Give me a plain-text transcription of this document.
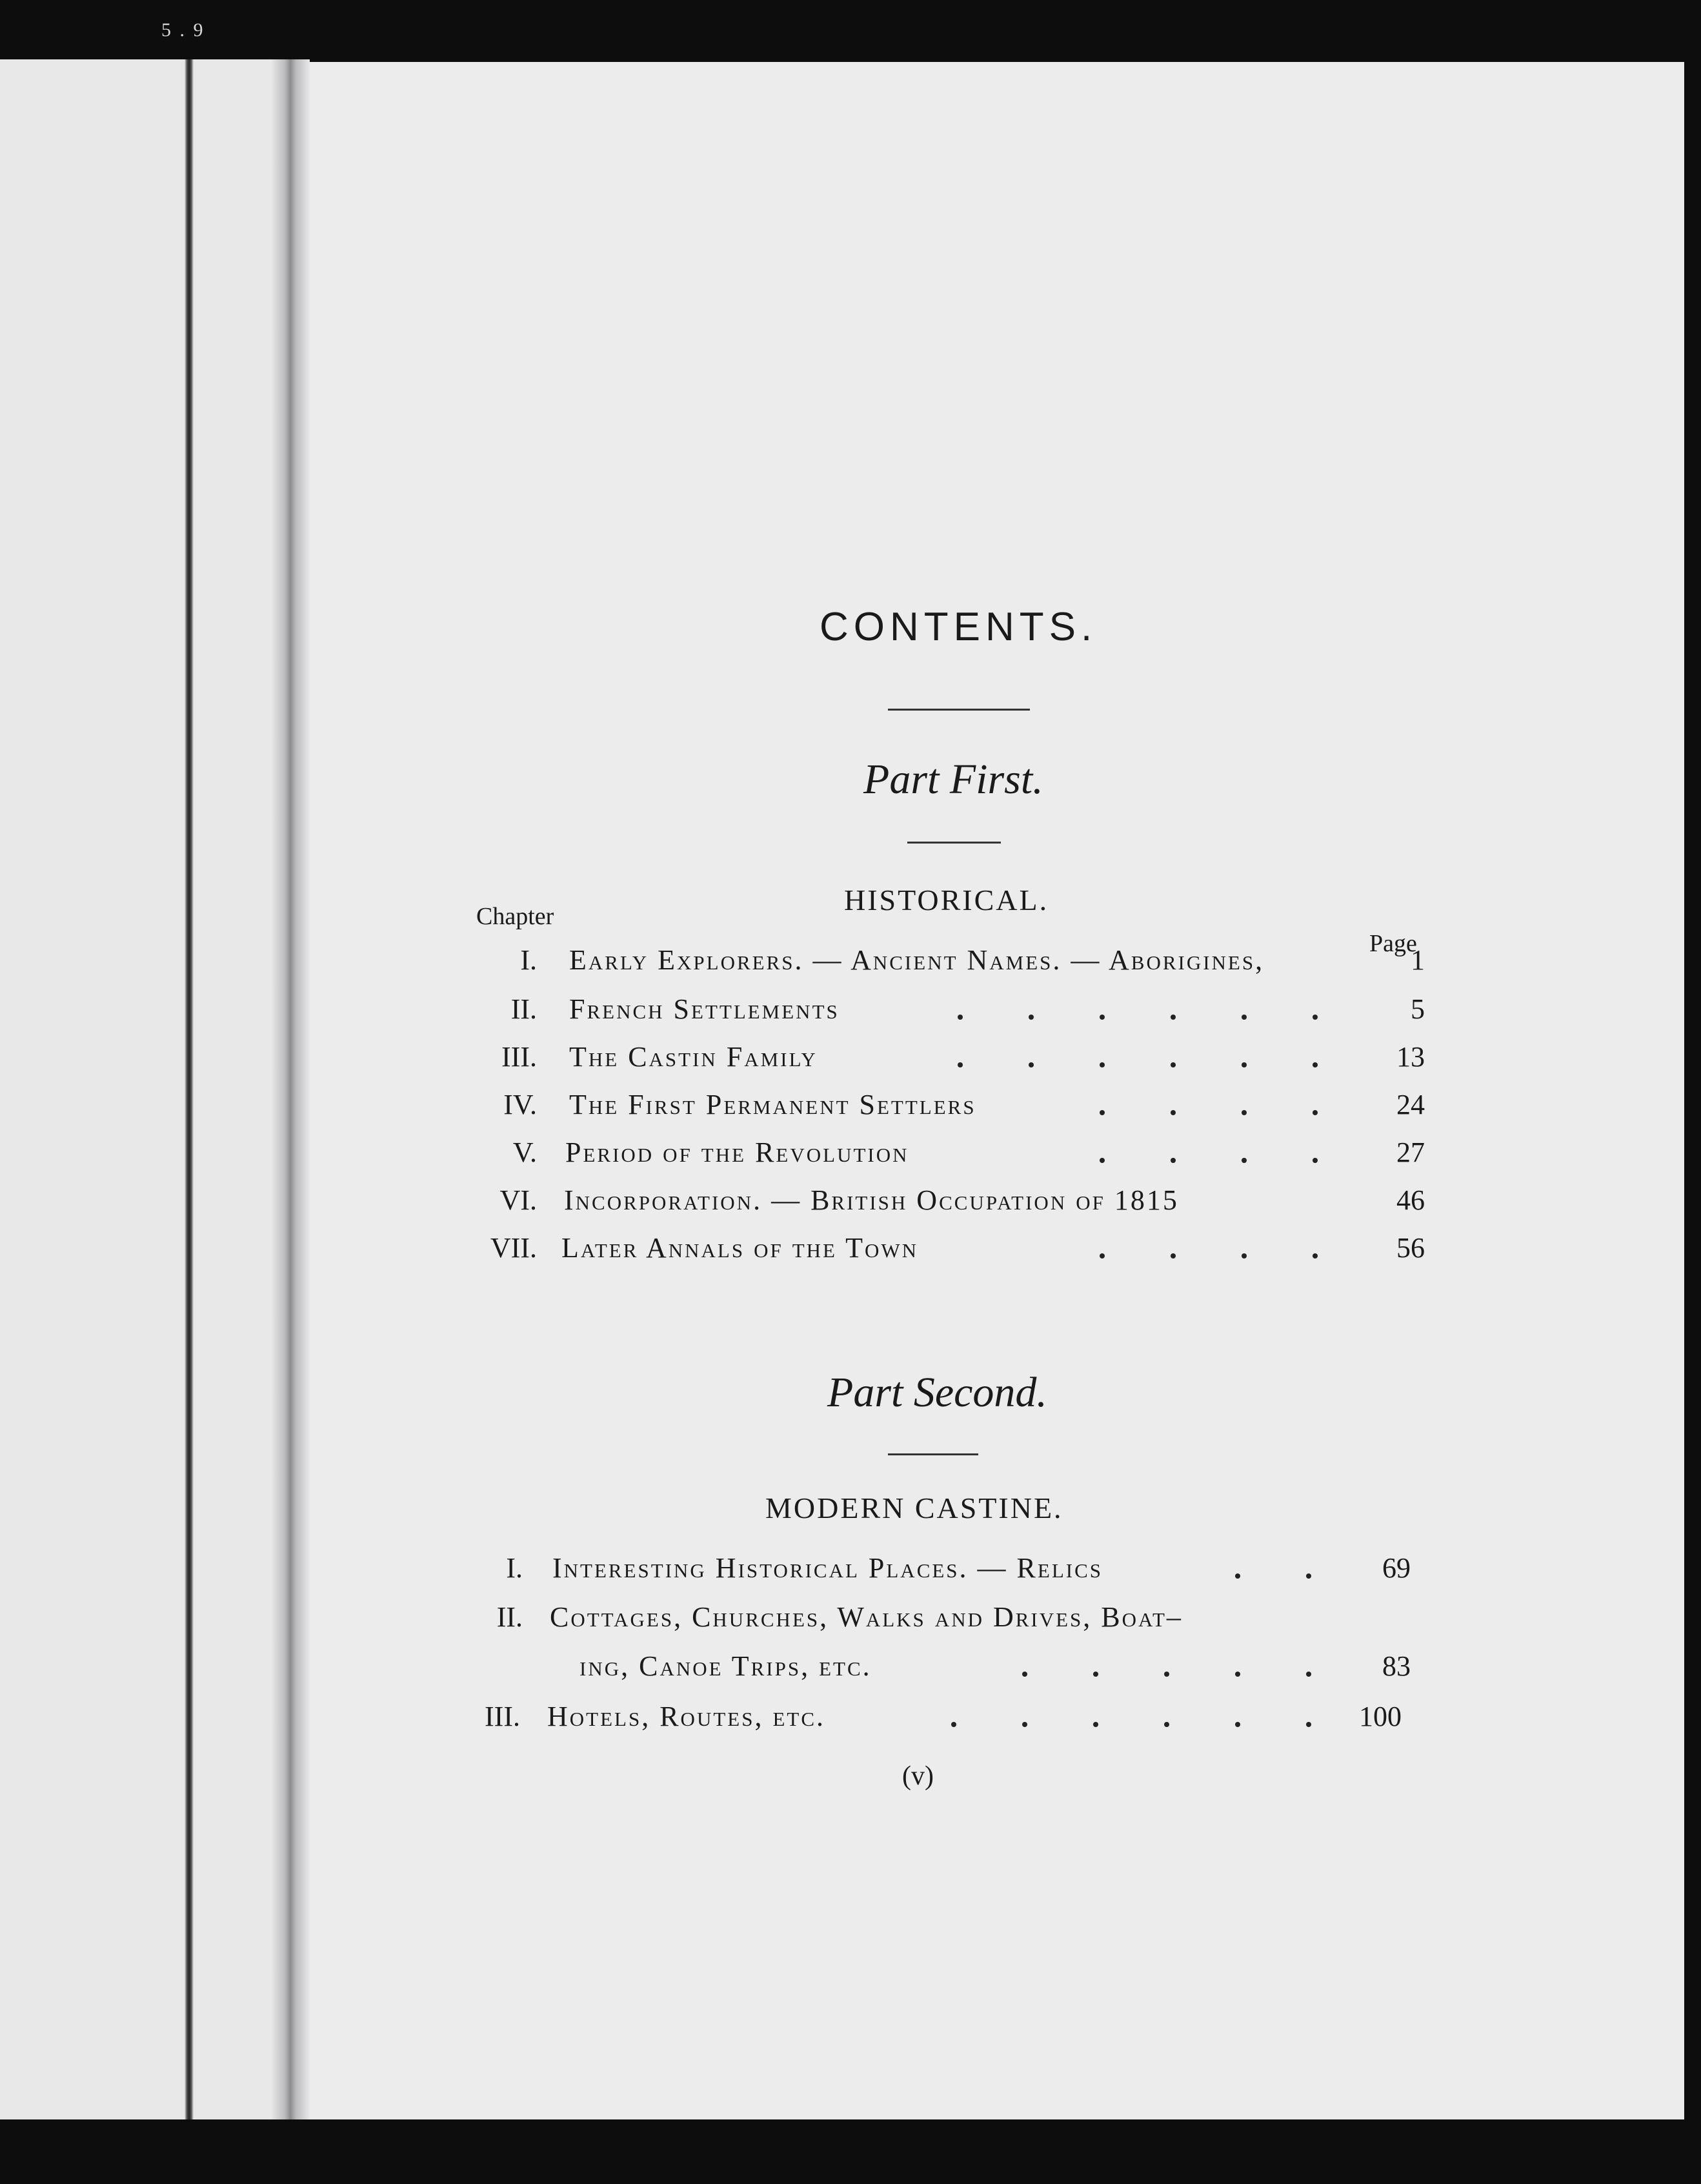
5 . 9
CONTENTS.
Part First.
HISTORICAL.
Chapter
Page
I. Early Explorers. — Ancient Names. — Aborigines,	1
II. French Settlements	5
III. The Castin Family	13
IV. The First Permanent Settlers	24
V. Period of the Revolution	27
VI. Incorporation. — British Occupation of 1815	46
VII. Later Annals of the Town	56
Part Second.
MODERN CASTINE.
I. Interesting Historical Places. — Relics	69
II. Cottages, Churches, Walks and Drives, Boat–
ing, Canoe Trips, etc.	83
III. Hotels, Routes, etc.	100
(v)
